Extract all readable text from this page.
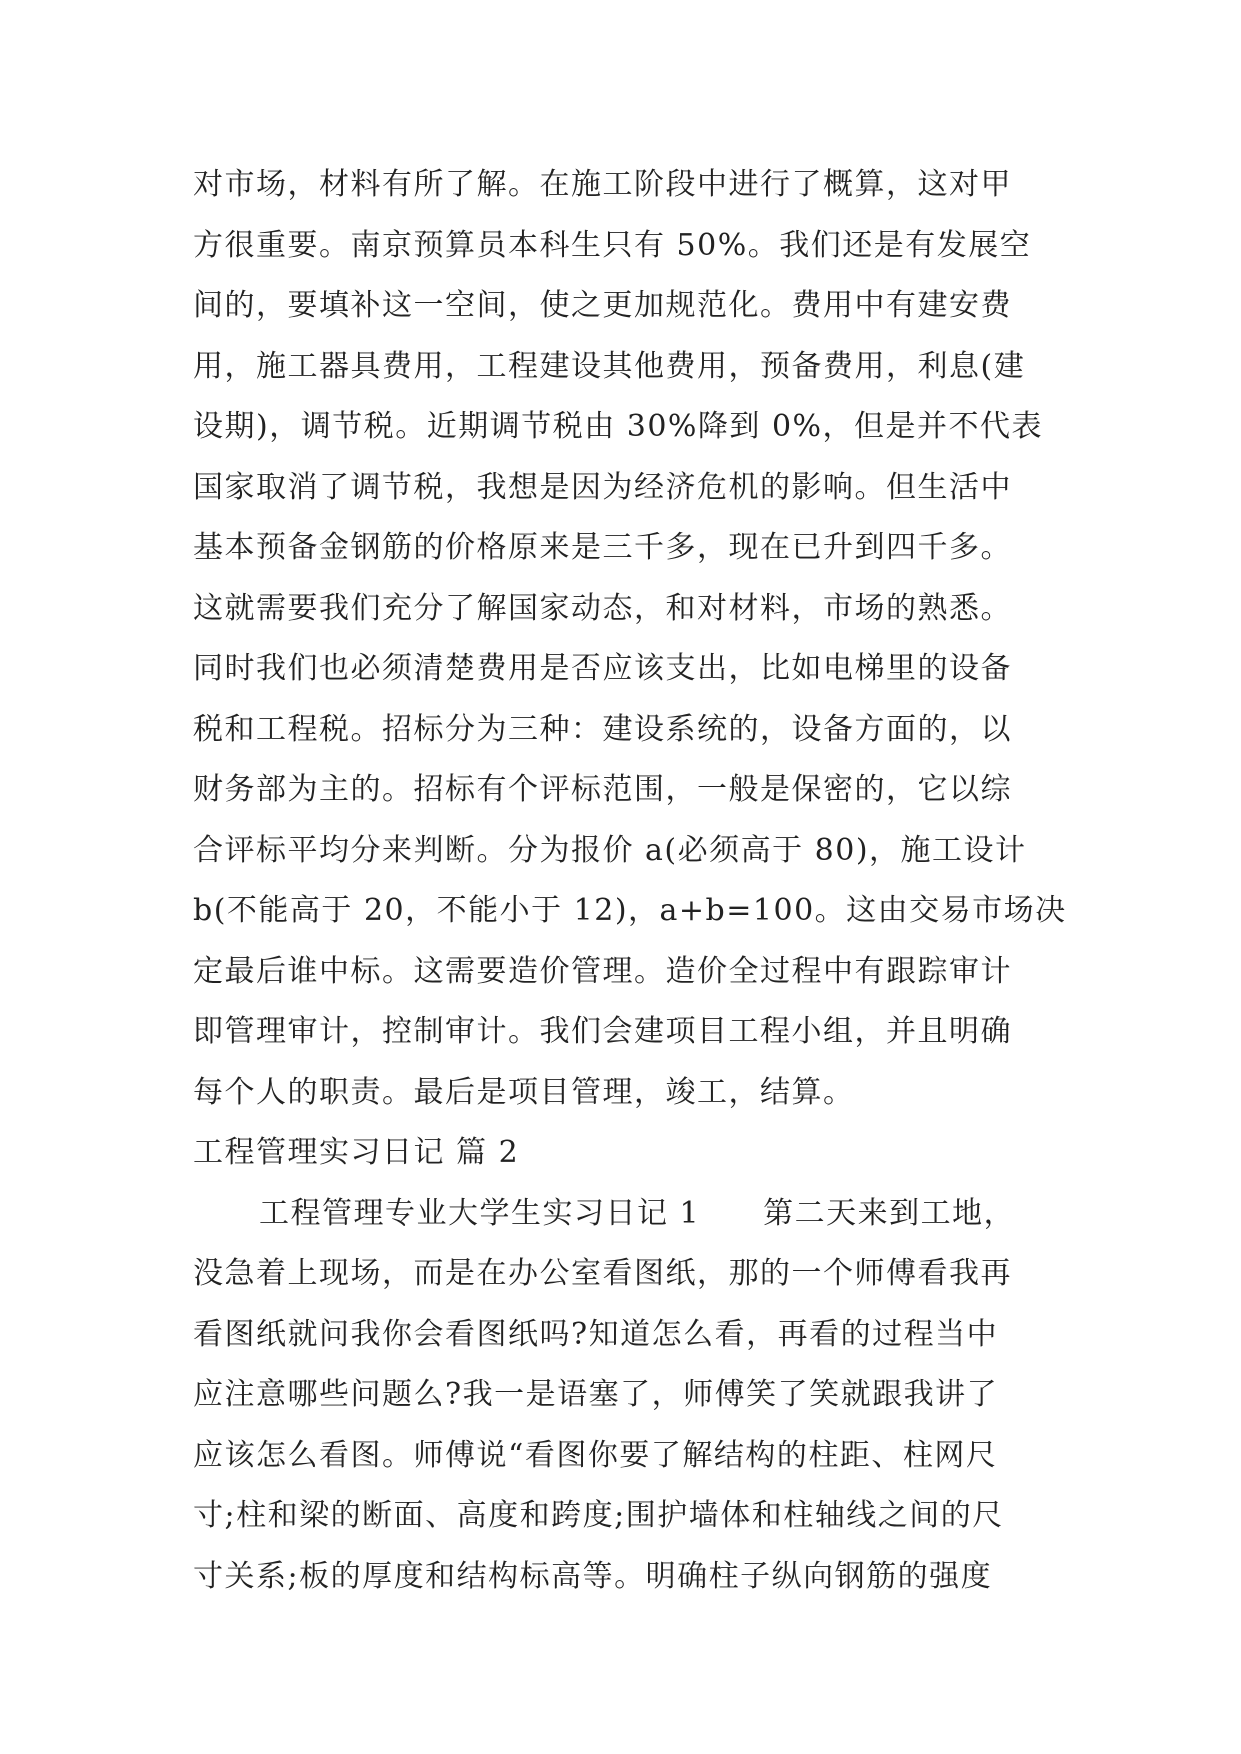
对市场，材料有所了解。在施工阶段中进行了概算，这对甲
方很重要。南京预算员本科生只有 50%。我们还是有发展空
间的，要填补这一空间，使之更加规范化。费用中有建安费
用，施工器具费用，工程建设其他费用，预备费用，利息(建
设期)，调节税。近期调节税由 30%降到 0%，但是并不代表
国家取消了调节税，我想是因为经济危机的影响。但生活中
基本预备金钢筋的价格原来是三千多，现在已升到四千多。
这就需要我们充分了解国家动态，和对材料，市场的熟悉。
同时我们也必须清楚费用是否应该支出，比如电梯里的设备
税和工程税。招标分为三种：建设系统的，设备方面的，以
财务部为主的。招标有个评标范围，一般是保密的，它以综
合评标平均分来判断。分为报价 a(必须高于 80)，施工设计
b(不能高于 20，不能小于 12)，a+b=100。这由交易市场决
定最后谁中标。这需要造价管理。造价全过程中有跟踪审计
即管理审计，控制审计。我们会建项目工程小组，并且明确
每个人的职责。最后是项目管理，竣工，结算。
工程管理实习日记 篇 2
工程管理专业大学生实习日记 1　　第二天来到工地，
没急着上现场，而是在办公室看图纸，那的一个师傅看我再
看图纸就问我你会看图纸吗?知道怎么看，再看的过程当中
应注意哪些问题么?我一是语塞了，师傅笑了笑就跟我讲了
应该怎么看图。师傅说“看图你要了解结构的柱距、柱网尺
寸;柱和梁的断面、高度和跨度;围护墙体和柱轴线之间的尺
寸关系;板的厚度和结构标高等。明确柱子纵向钢筋的强度
